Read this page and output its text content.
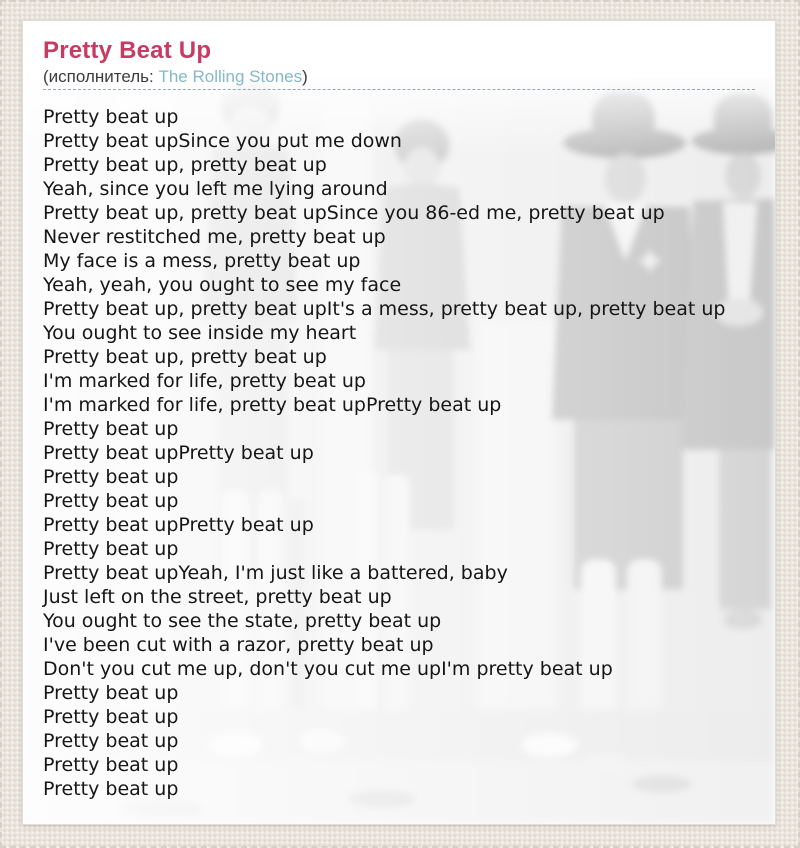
Pretty Beat Up
(исполнитель: The Rolling Stones)
Pretty beat up
Pretty beat upSince you put me down
Pretty beat up, pretty beat up
Yeah, since you left me lying around
Pretty beat up, pretty beat upSince you 86-ed me, pretty beat up
Never restitched me, pretty beat up
My face is a mess, pretty beat up
Yeah, yeah, you ought to see my face
Pretty beat up, pretty beat upIt's a mess, pretty beat up, pretty beat up
You ought to see inside my heart
Pretty beat up, pretty beat up
I'm marked for life, pretty beat up
I'm marked for life, pretty beat upPretty beat up
Pretty beat up
Pretty beat upPretty beat up
Pretty beat up
Pretty beat up
Pretty beat upPretty beat up
Pretty beat up
Pretty beat upYeah, I'm just like a battered, baby
Just left on the street, pretty beat up
You ought to see the state, pretty beat up
I've been cut with a razor, pretty beat up
Don't you cut me up, don't you cut me upI'm pretty beat up
Pretty beat up
Pretty beat up
Pretty beat up
Pretty beat up
Pretty beat up
